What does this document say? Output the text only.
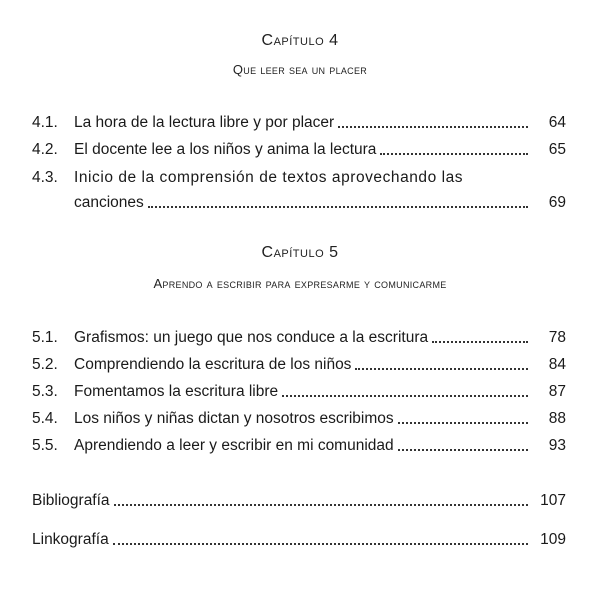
Capítulo 4
Que leer sea un placer
4.1.	La hora de la lectura libre y por placer	64
4.2.	El docente lee a los niños y anima la lectura	65
4.3.	Inicio de la comprensión de textos aprovechando las
canciones	69
Capítulo 5
Aprendo a escribir para expresarme y comunicarme
5.1.	Grafismos: un juego que nos conduce a la escritura	78
5.2.	Comprendiendo la escritura de los niños	84
5.3.	Fomentamos la escritura libre	87
5.4.	Los niños y niñas dictan y nosotros escribimos	88
5.5.	Aprendiendo a leer y escribir en mi comunidad	93
Bibliografía	107
Linkografía	109
